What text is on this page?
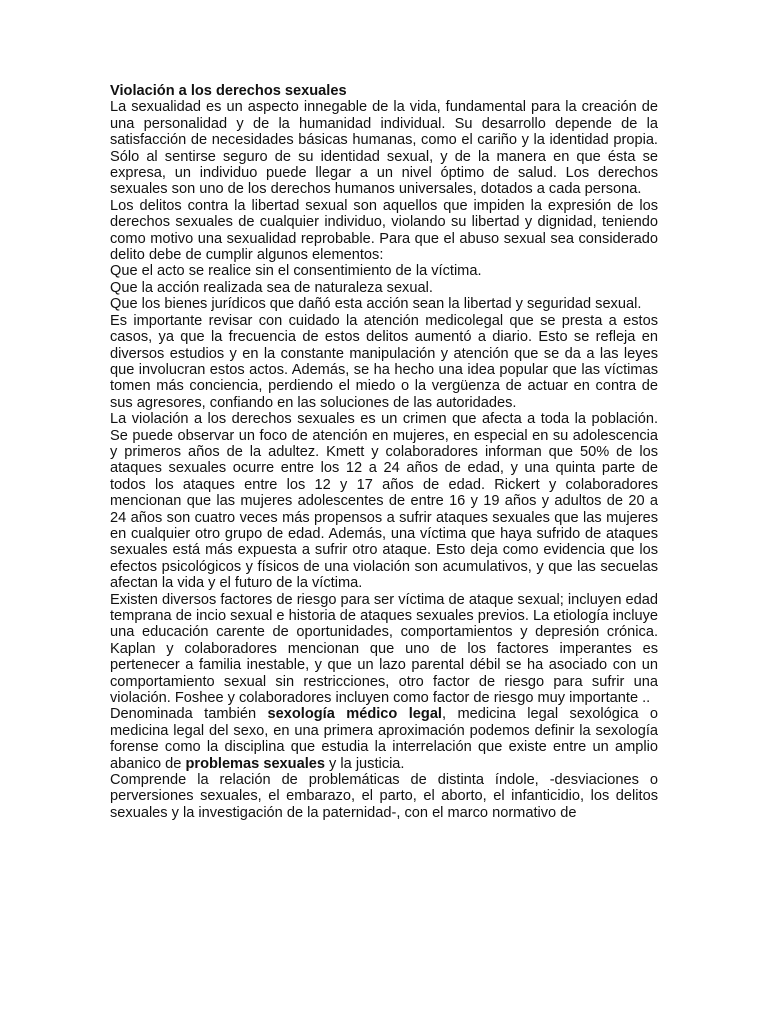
Violación a los derechos sexuales

La sexualidad es un aspecto innegable de la vida, fundamental para la creación de una personalidad y de la humanidad individual. Su desarrollo depende de la satisfacción de necesidades básicas humanas, como el cariño y la identidad propia. Sólo al sentirse seguro de su identidad sexual, y de la manera en que ésta se expresa, un individuo puede llegar a un nivel óptimo de salud. Los derechos sexuales son uno de los derechos humanos universales, dotados a cada persona.

Los delitos contra la libertad sexual son aquellos que impiden la expresión de los derechos sexuales de cualquier individuo, violando su libertad y dignidad, teniendo como motivo una sexualidad reprobable. Para que el abuso sexual sea considerado delito debe de cumplir algunos elementos:

Que el acto se realice sin el consentimiento de la víctima.

Que la acción realizada sea de naturaleza sexual.

Que los bienes jurídicos que dañó esta acción sean la libertad y seguridad sexual.

Es importante revisar con cuidado la atención medicolegal que se presta a estos casos, ya que la frecuencia de estos delitos aumentó a diario. Esto se refleja en diversos estudios y en la constante manipulación y atención que se da a las leyes que involucran estos actos. Además, se ha hecho una idea popular que las víctimas tomen más conciencia, perdiendo el miedo o la vergüenza de actuar en contra de sus agresores, confiando en las soluciones de las autoridades.

La violación a los derechos sexuales es un crimen que afecta a toda la población. Se puede observar un foco de atención en mujeres, en especial en su adolescencia y primeros años de la adultez. Kmett y colaboradores informan que 50% de los ataques sexuales ocurre entre los 12 a 24 años de edad, y una quinta parte de todos los ataques entre los 12 y 17 años de edad. Rickert y colaboradores mencionan que las mujeres adolescentes de entre 16 y 19 años y adultos de 20 a 24 años son cuatro veces más propensos a sufrir ataques sexuales que las mujeres en cualquier otro grupo de edad. Además, una víctima que haya sufrido de ataques sexuales está más expuesta a sufrir otro ataque. Esto deja como evidencia que los efectos psicológicos y físicos de una violación son acumulativos, y que las secuelas afectan la vida y el futuro de la víctima.

Existen diversos factores de riesgo para ser víctima de ataque sexual; incluyen edad temprana de incio sexual e historia de ataques sexuales previos. La etiología incluye una educación carente de oportunidades, comportamientos y depresión crónica. Kaplan y colaboradores mencionan que uno de los factores imperantes es pertenecer a familia inestable, y que un lazo parental débil se ha asociado con un comportamiento sexual sin restricciones, otro factor de riesgo para sufrir una violación. Foshee y colaboradores incluyen como factor de riesgo muy importante ..

Denominada también sexología médico legal, medicina legal sexológica o medicina legal del sexo, en una primera aproximación podemos definir la sexología forense como la disciplina que estudia la interrelación que existe entre un amplio abanico de problemas sexuales y la justicia.

Comprende la relación de problemáticas de distinta índole, -desviaciones o perversiones sexuales, el embarazo, el parto, el aborto, el infanticidio, los delitos sexuales y la investigación de la paternidad-, con el marco normativo de
